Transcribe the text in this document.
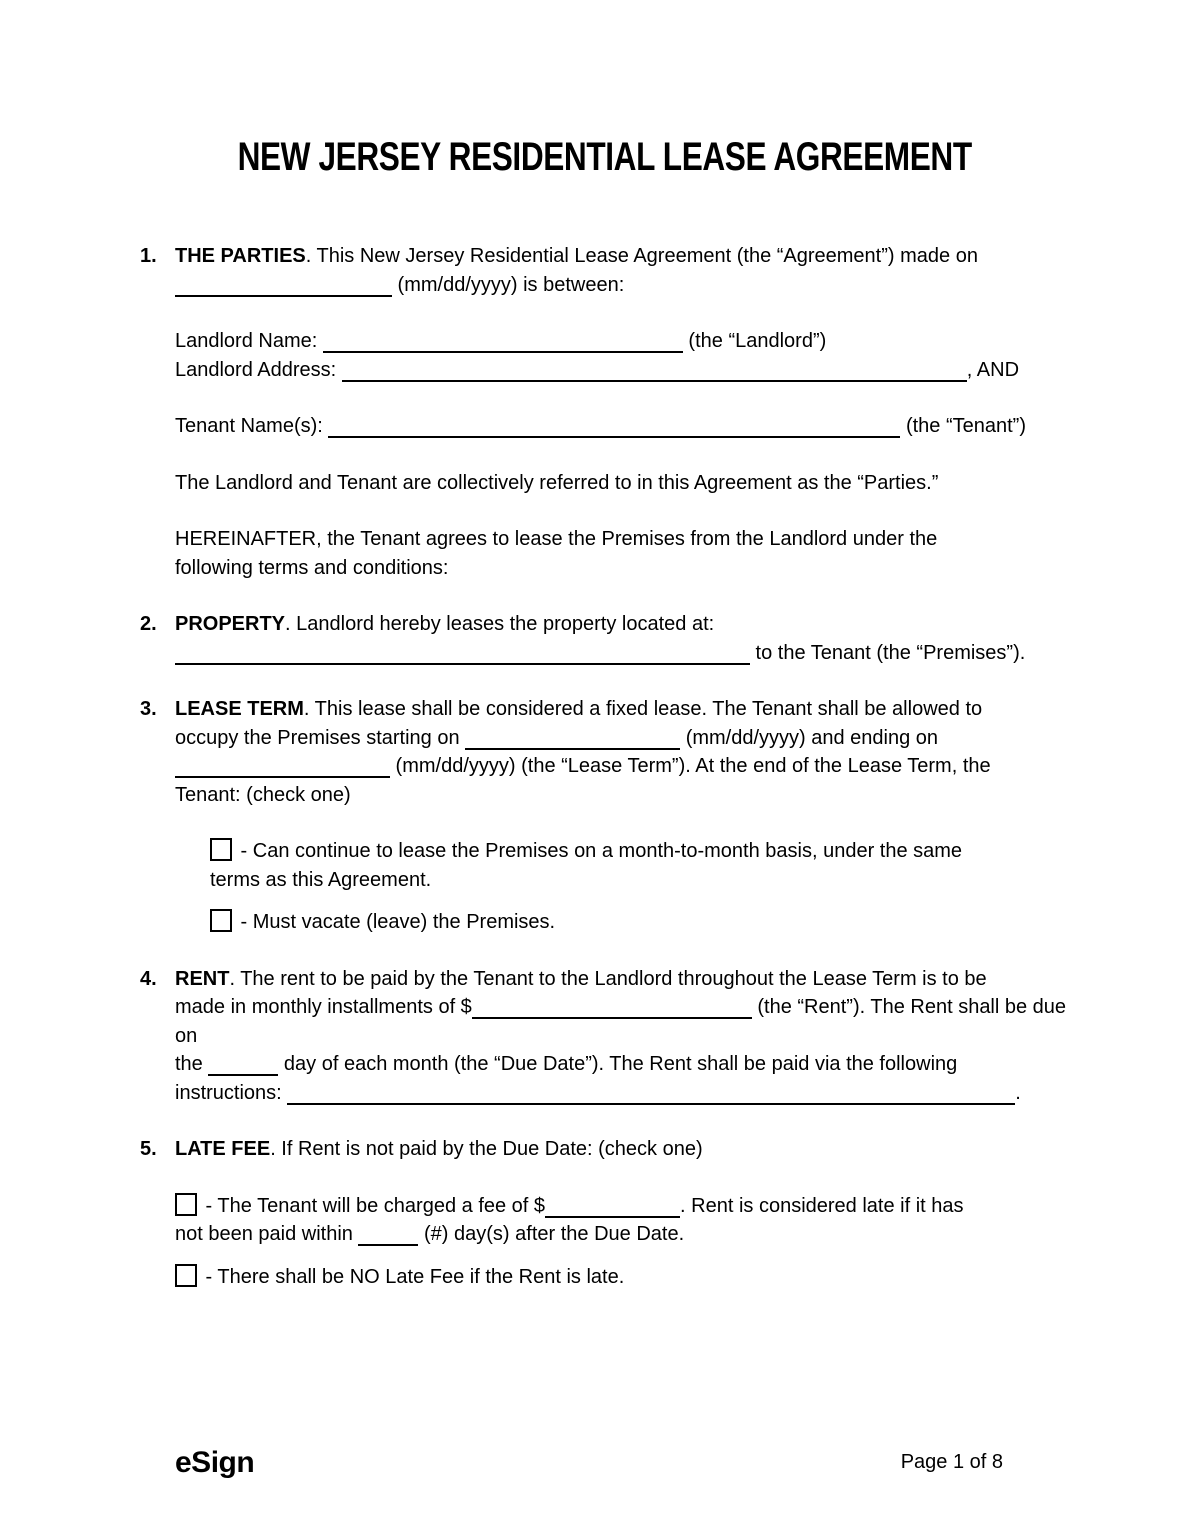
NEW JERSEY RESIDENTIAL LEASE AGREEMENT
1. THE PARTIES. This New Jersey Residential Lease Agreement (the “Agreement”) made on
(mm/dd/yyyy) is between:
Landlord Name:	(the “Landlord”)
Landlord Address:	, AND
Tenant Name(s):	(the “Tenant”)
The Landlord and Tenant are collectively referred to in this Agreement as the “Parties.”
HEREINAFTER, the Tenant agrees to lease the Premises from the Landlord under the
following terms and conditions:
2. PROPERTY. Landlord hereby leases the property located at:
to the Tenant (the “Premises”).
3. LEASE TERM. This lease shall be considered a fixed lease. The Tenant shall be allowed to
occupy the Premises starting on	(mm/dd/yyyy) and ending on
(mm/dd/yyyy) (the “Lease Term”). At the end of the Lease Term, the
Tenant: (check one)
- Can continue to lease the Premises on a month-to-month basis, under the same
terms as this Agreement.
- Must vacate (leave) the Premises.
4. RENT. The rent to be paid by the Tenant to the Landlord throughout the Lease Term is to be
made in monthly installments of $	(the “Rent”). The Rent shall be due on
the	day of each month (the “Due Date”). The Rent shall be paid via the following
instructions:	.
5. LATE FEE. If Rent is not paid by the Due Date: (check one)
- The Tenant will be charged a fee of $	. Rent is considered late if it has
not been paid within	(#) day(s) after the Due Date.
- There shall be NO Late Fee if the Rent is late.
eSign	Page 1 of 8
